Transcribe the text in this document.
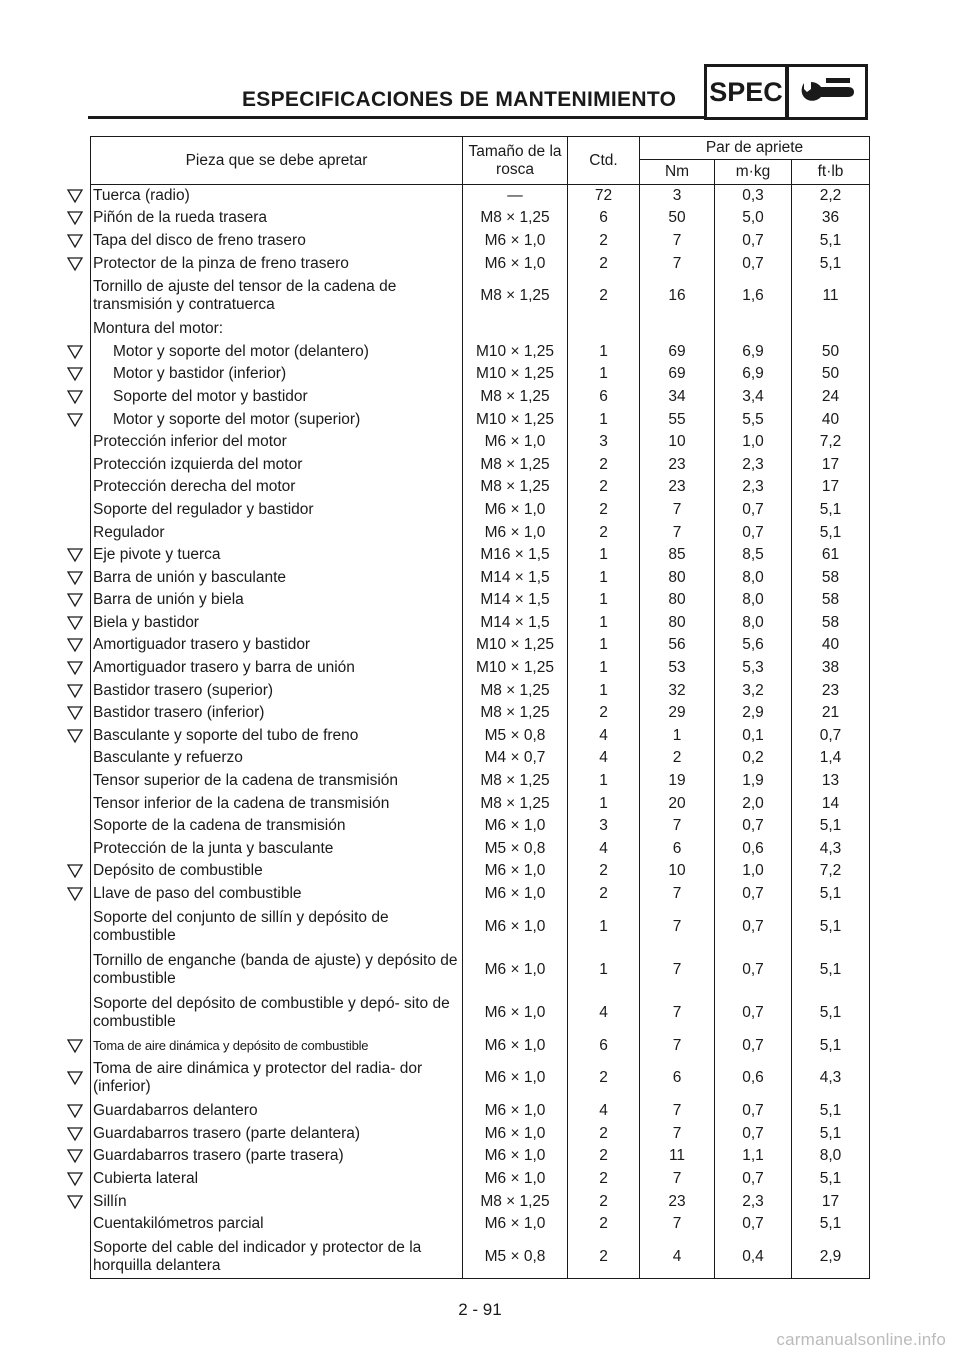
ESPECIFICACIONES DE MANTENIMIENTO SPEC
Pieza que se debe apretar	Tamaño de la rosca	Ctd.	Par de apriete		
			Nm	m·kg	ft·lb
Tuerca (radio)	—	72	3	0,3	2,2
Piñón de la rueda trasera	M8 × 1,25	6	50	5,0	36
Tapa del disco de freno trasero	M6 × 1,0	2	7	0,7	5,1
Protector de la pinza de freno trasero	M6 × 1,0	2	7	0,7	5,1
Tornillo de ajuste del tensor de la cadena de transmisión y contratuerca	M8 × 1,25	2	16	1,6	11
Montura del motor:					
Motor y soporte del motor (delantero)	M10 × 1,25	1	69	6,9	50
Motor y bastidor (inferior)	M10 × 1,25	1	69	6,9	50
Soporte del motor y bastidor	M8 × 1,25	6	34	3,4	24
Motor y soporte del motor (superior)	M10 × 1,25	1	55	5,5	40
Protección inferior del motor	M6 × 1,0	3	10	1,0	7,2
Protección izquierda del motor	M8 × 1,25	2	23	2,3	17
Protección derecha del motor	M8 × 1,25	2	23	2,3	17
Soporte del regulador y bastidor	M6 × 1,0	2	7	0,7	5,1
Regulador	M6 × 1,0	2	7	0,7	5,1
Eje pivote y tuerca	M16 × 1,5	1	85	8,5	61
Barra de unión y basculante	M14 × 1,5	1	80	8,0	58
Barra de unión y biela	M14 × 1,5	1	80	8,0	58
Biela y bastidor	M14 × 1,5	1	80	8,0	58
Amortiguador trasero y bastidor	M10 × 1,25	1	56	5,6	40
Amortiguador trasero y barra de unión	M10 × 1,25	1	53	5,3	38
Bastidor trasero (superior)	M8 × 1,25	1	32	3,2	23
Bastidor trasero (inferior)	M8 × 1,25	2	29	2,9	21
Basculante y soporte del tubo de freno	M5 × 0,8	4	1	0,1	0,7
Basculante y refuerzo	M4 × 0,7	4	2	0,2	1,4
Tensor superior de la cadena de transmisión	M8 × 1,25	1	19	1,9	13
Tensor inferior de la cadena de transmisión	M8 × 1,25	1	20	2,0	14
Soporte de la cadena de transmisión	M6 × 1,0	3	7	0,7	5,1
Protección de la junta y basculante	M5 × 0,8	4	6	0,6	4,3
Depósito de combustible	M6 × 1,0	2	10	1,0	7,2
Llave de paso del combustible	M6 × 1,0	2	7	0,7	5,1
Soporte del conjunto de sillín y depósito de combustible	M6 × 1,0	1	7	0,7	5,1
Tornillo de enganche (banda de ajuste) y depósito de combustible	M6 × 1,0	1	7	0,7	5,1
Soporte del depósito de combustible y depó- sito de combustible	M6 × 1,0	4	7	0,7	5,1
Toma de aire dinámica y depósito de combustible	M6 × 1,0	6	7	0,7	5,1
Toma de aire dinámica y protector del radia- dor (inferior)	M6 × 1,0	2	6	0,6	4,3
Guardabarros delantero	M6 × 1,0	4	7	0,7	5,1
Guardabarros trasero (parte delantera)	M6 × 1,0	2	7	0,7	5,1
Guardabarros trasero (parte trasera)	M6 × 1,0	2	11	1,1	8,0
Cubierta lateral	M6 × 1,0	2	7	0,7	5,1
Sillín	M8 × 1,25	2	23	2,3	17
Cuentakilómetros parcial	M6 × 1,0	2	7	0,7	5,1
Soporte del cable del indicador y protector de la horquilla delantera	M5 × 0,8	2	4	0,4	2,9
2 - 91
carmanualsonline.info
